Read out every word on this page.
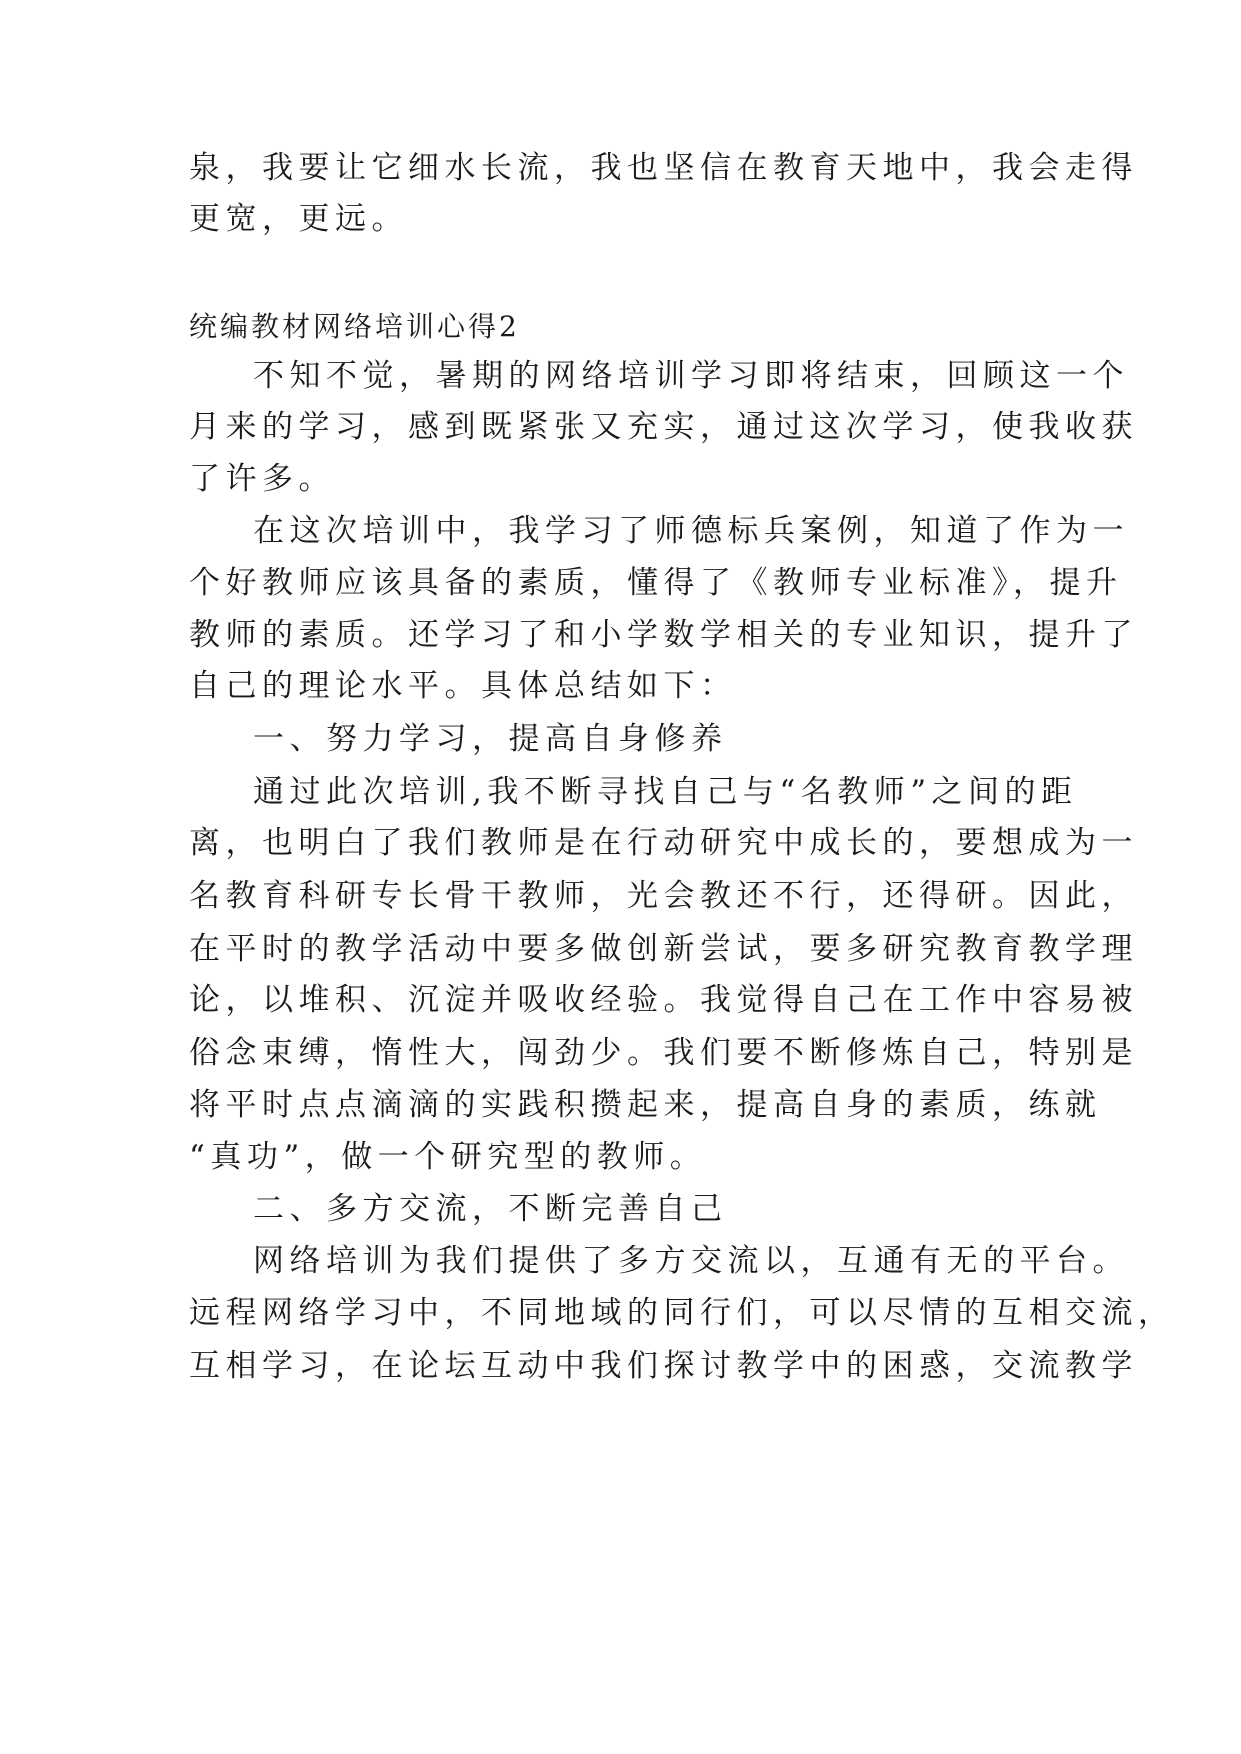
泉，我要让它细水长流，我也坚信在教育天地中，我会走得
更宽，更远。
统编教材网络培训心得2
不知不觉，暑期的网络培训学习即将结束，回顾这一个
月来的学习，感到既紧张又充实，通过这次学习，使我收获
了许多。
在这次培训中，我学习了师德标兵案例，知道了作为一
个好教师应该具备的素质，懂得了《教师专业标准》，提升
教师的素质。还学习了和小学数学相关的专业知识，提升了
自己的理论水平。具体总结如下：
一、努力学习，提高自身修养
通过此次培训,我不断寻找自己与“名教师”之间的距
离，也明白了我们教师是在行动研究中成长的，要想成为一
名教育科研专长骨干教师，光会教还不行，还得研。因此，
在平时的教学活动中要多做创新尝试，要多研究教育教学理
论，以堆积、沉淀并吸收经验。我觉得自己在工作中容易被
俗念束缚，惰性大，闯劲少。我们要不断修炼自己，特别是
将平时点点滴滴的实践积攒起来，提高自身的素质，练就
“真功”，做一个研究型的教师。
二、多方交流，不断完善自己
网络培训为我们提供了多方交流以，互通有无的平台。
远程网络学习中，不同地域的同行们，可以尽情的互相交流，
互相学习，在论坛互动中我们探讨教学中的困惑，交流教学
